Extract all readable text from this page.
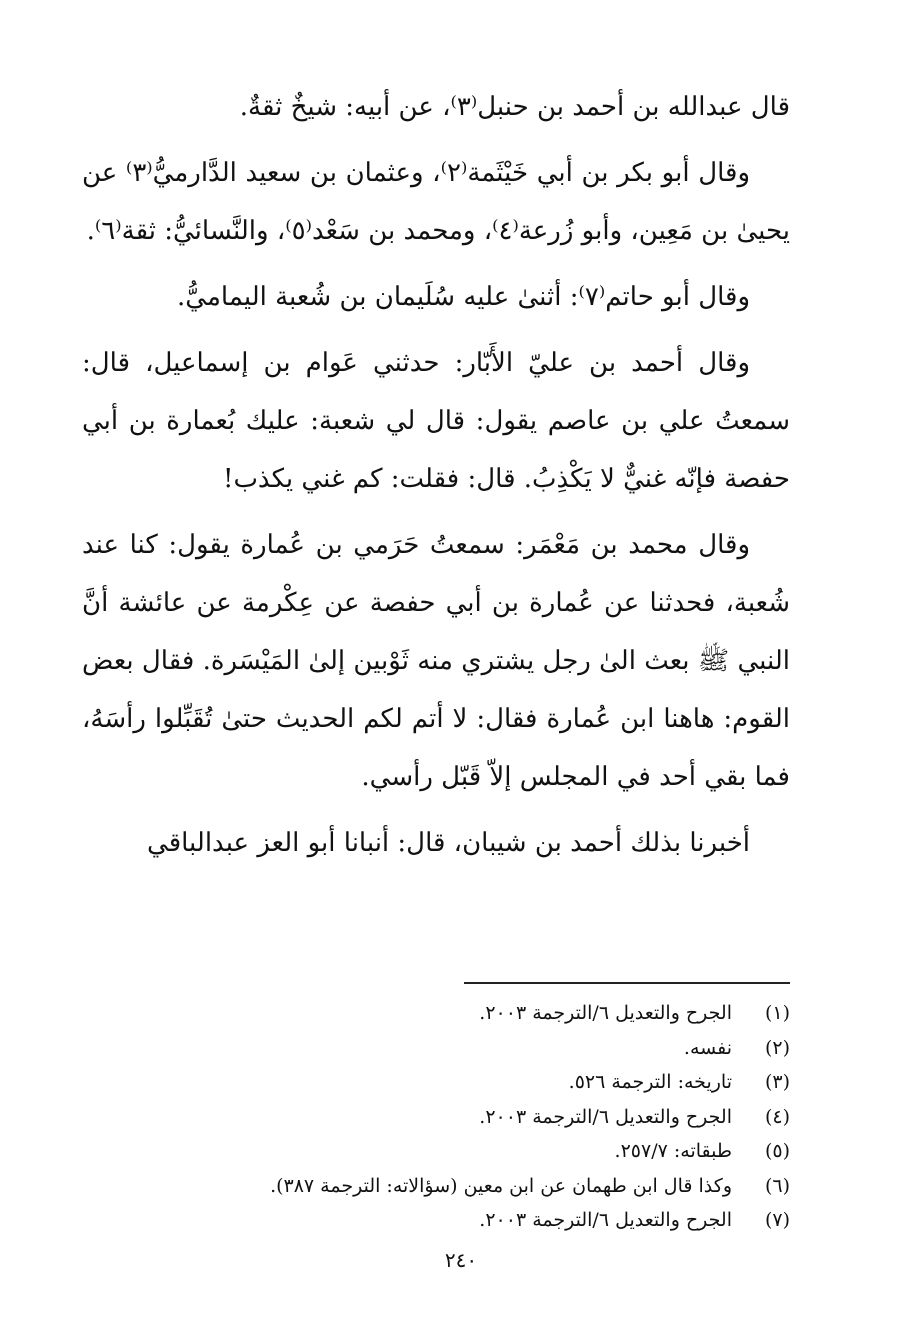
قال عبدالله بن أحمد بن حنبل⁽٣⁾، عن أبيه: شيخٌ ثقةٌ.

وقال أبو بكر بن أبي خَيْثَمة⁽٢⁾، وعثمان بن سعيد الدَّارميُّ⁽٣⁾ عن يحيىٰ بن مَعِين، وأبو زُرعة⁽٤⁾، ومحمد بن سَعْد⁽٥⁾، والنَّسائيُّ: ثقة⁽٦⁾.

وقال أبو حاتم⁽٧⁾: أثنىٰ عليه سُلَيمان بن شُعبة اليماميُّ.

وقال أحمد بن عليّ الأَبّار: حدثني عَوام بن إسماعيل، قال: سمعتُ علي بن عاصم يقول: قال لي شعبة: عليك بُعمارة بن أبي حفصة فإنّه غنيٌّ لا يَكْذِبُ. قال: فقلت: كم غني يكذب!

وقال محمد بن مَعْمَر: سمعتُ حَرَمي بن عُمارة يقول: كنا عند شُعبة، فحدثنا عن عُمارة بن أبي حفصة عن عِكْرمة عن عائشة أنَّ النبي ﷺ بعث الىٰ رجل يشتري منه ثَوْبين إلىٰ المَيْسَرة. فقال بعض القوم: هاهنا ابن عُمارة فقال: لا أتم لكم الحديث حتىٰ تُقَبِّلوا رأسَهُ، فما بقي أحد في المجلس إلاّ قَبّل رأسي.

أخبرنا بذلك أحمد بن شيبان، قال: أنبانا أبو العز عبدالباقي

(١)
الجرح والتعديل ٦/الترجمة ٢٠٠٣.
(٢)
نفسه.
(٣)
تاريخه: الترجمة ٥٢٦.
(٤)
الجرح والتعديل ٦/الترجمة ٢٠٠٣.
(٥)
طبقاته: ٢٥٧/٧.
(٦)
وكذا قال ابن طهمان عن ابن معين (سؤالاته: الترجمة ٣٨٧).
(٧)
الجرح والتعديل ٦/الترجمة ٢٠٠٣.
٢٤٠
